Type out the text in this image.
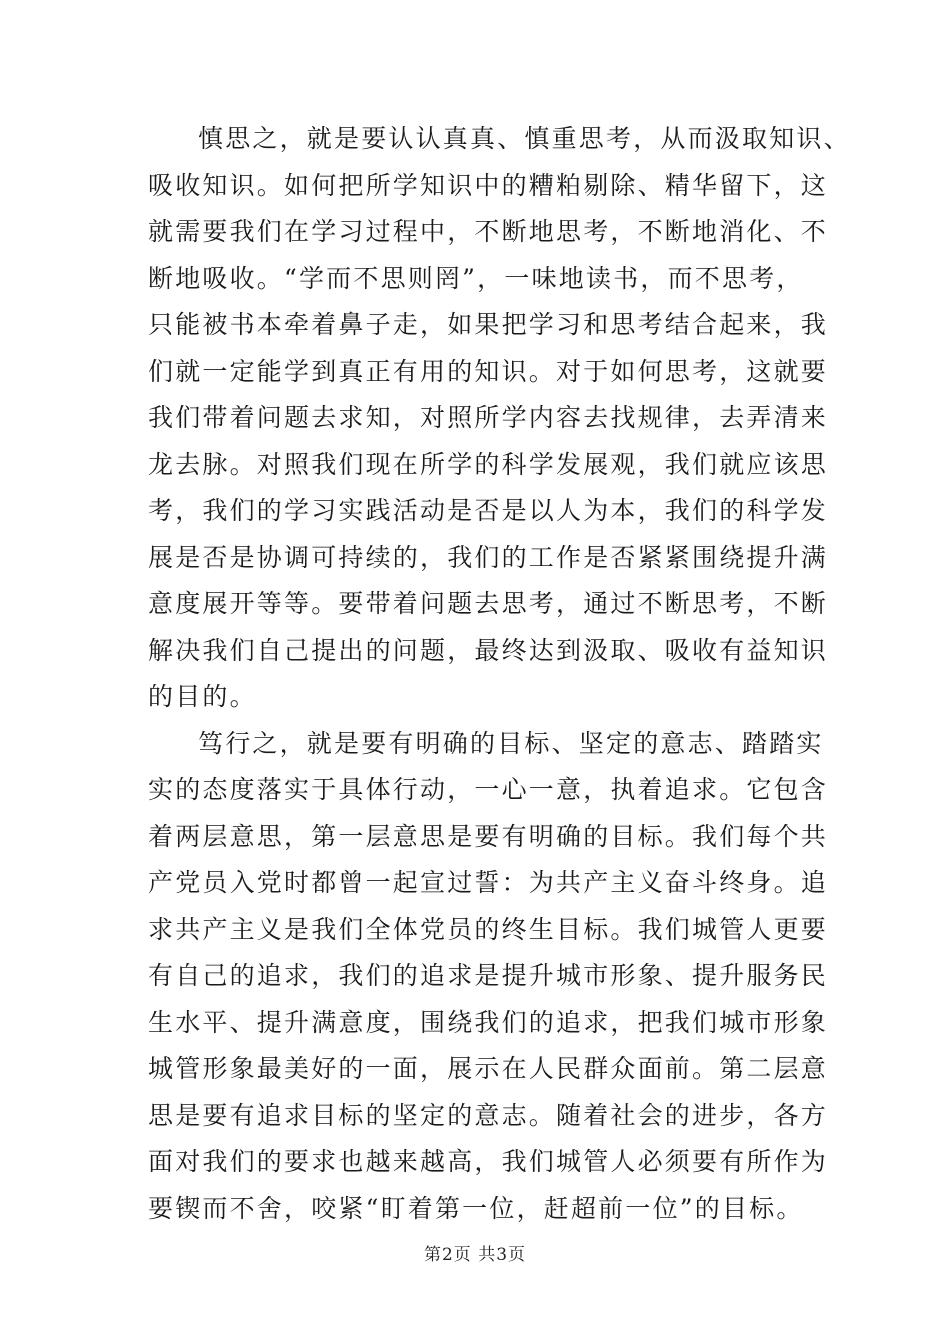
慎思之，就是要认认真真、慎重思考，从而汲取知识、
吸收知识。如何把所学知识中的糟粕剔除、精华留下，这
就需要我们在学习过程中，不断地思考，不断地消化、不
断地吸收。“学而不思则罔”，一味地读书，而不思考，
只能被书本牵着鼻子走，如果把学习和思考结合起来，我
们就一定能学到真正有用的知识。对于如何思考，这就要
我们带着问题去求知，对照所学内容去找规律，去弄清来
龙去脉。对照我们现在所学的科学发展观，我们就应该思
考，我们的学习实践活动是否是以人为本，我们的科学发
展是否是协调可持续的，我们的工作是否紧紧围绕提升满
意度展开等等。要带着问题去思考，通过不断思考，不断
解决我们自己提出的问题，最终达到汲取、吸收有益知识
的目的。
笃行之，就是要有明确的目标、坚定的意志、踏踏实
实的态度落实于具体行动，一心一意，执着追求。它包含
着两层意思，第一层意思是要有明确的目标。我们每个共
产党员入党时都曾一起宣过誓：为共产主义奋斗终身。追
求共产主义是我们全体党员的终生目标。我们城管人更要
有自己的追求，我们的追求是提升城市形象、提升服务民
生水平、提升满意度，围绕我们的追求，把我们城市形象
城管形象最美好的一面，展示在人民群众面前。第二层意
思是要有追求目标的坚定的意志。随着社会的进步，各方
面对我们的要求也越来越高，我们城管人必须要有所作为
要锲而不舍，咬紧“盯着第一位，赶超前一位”的目标。
第2页 共3页
